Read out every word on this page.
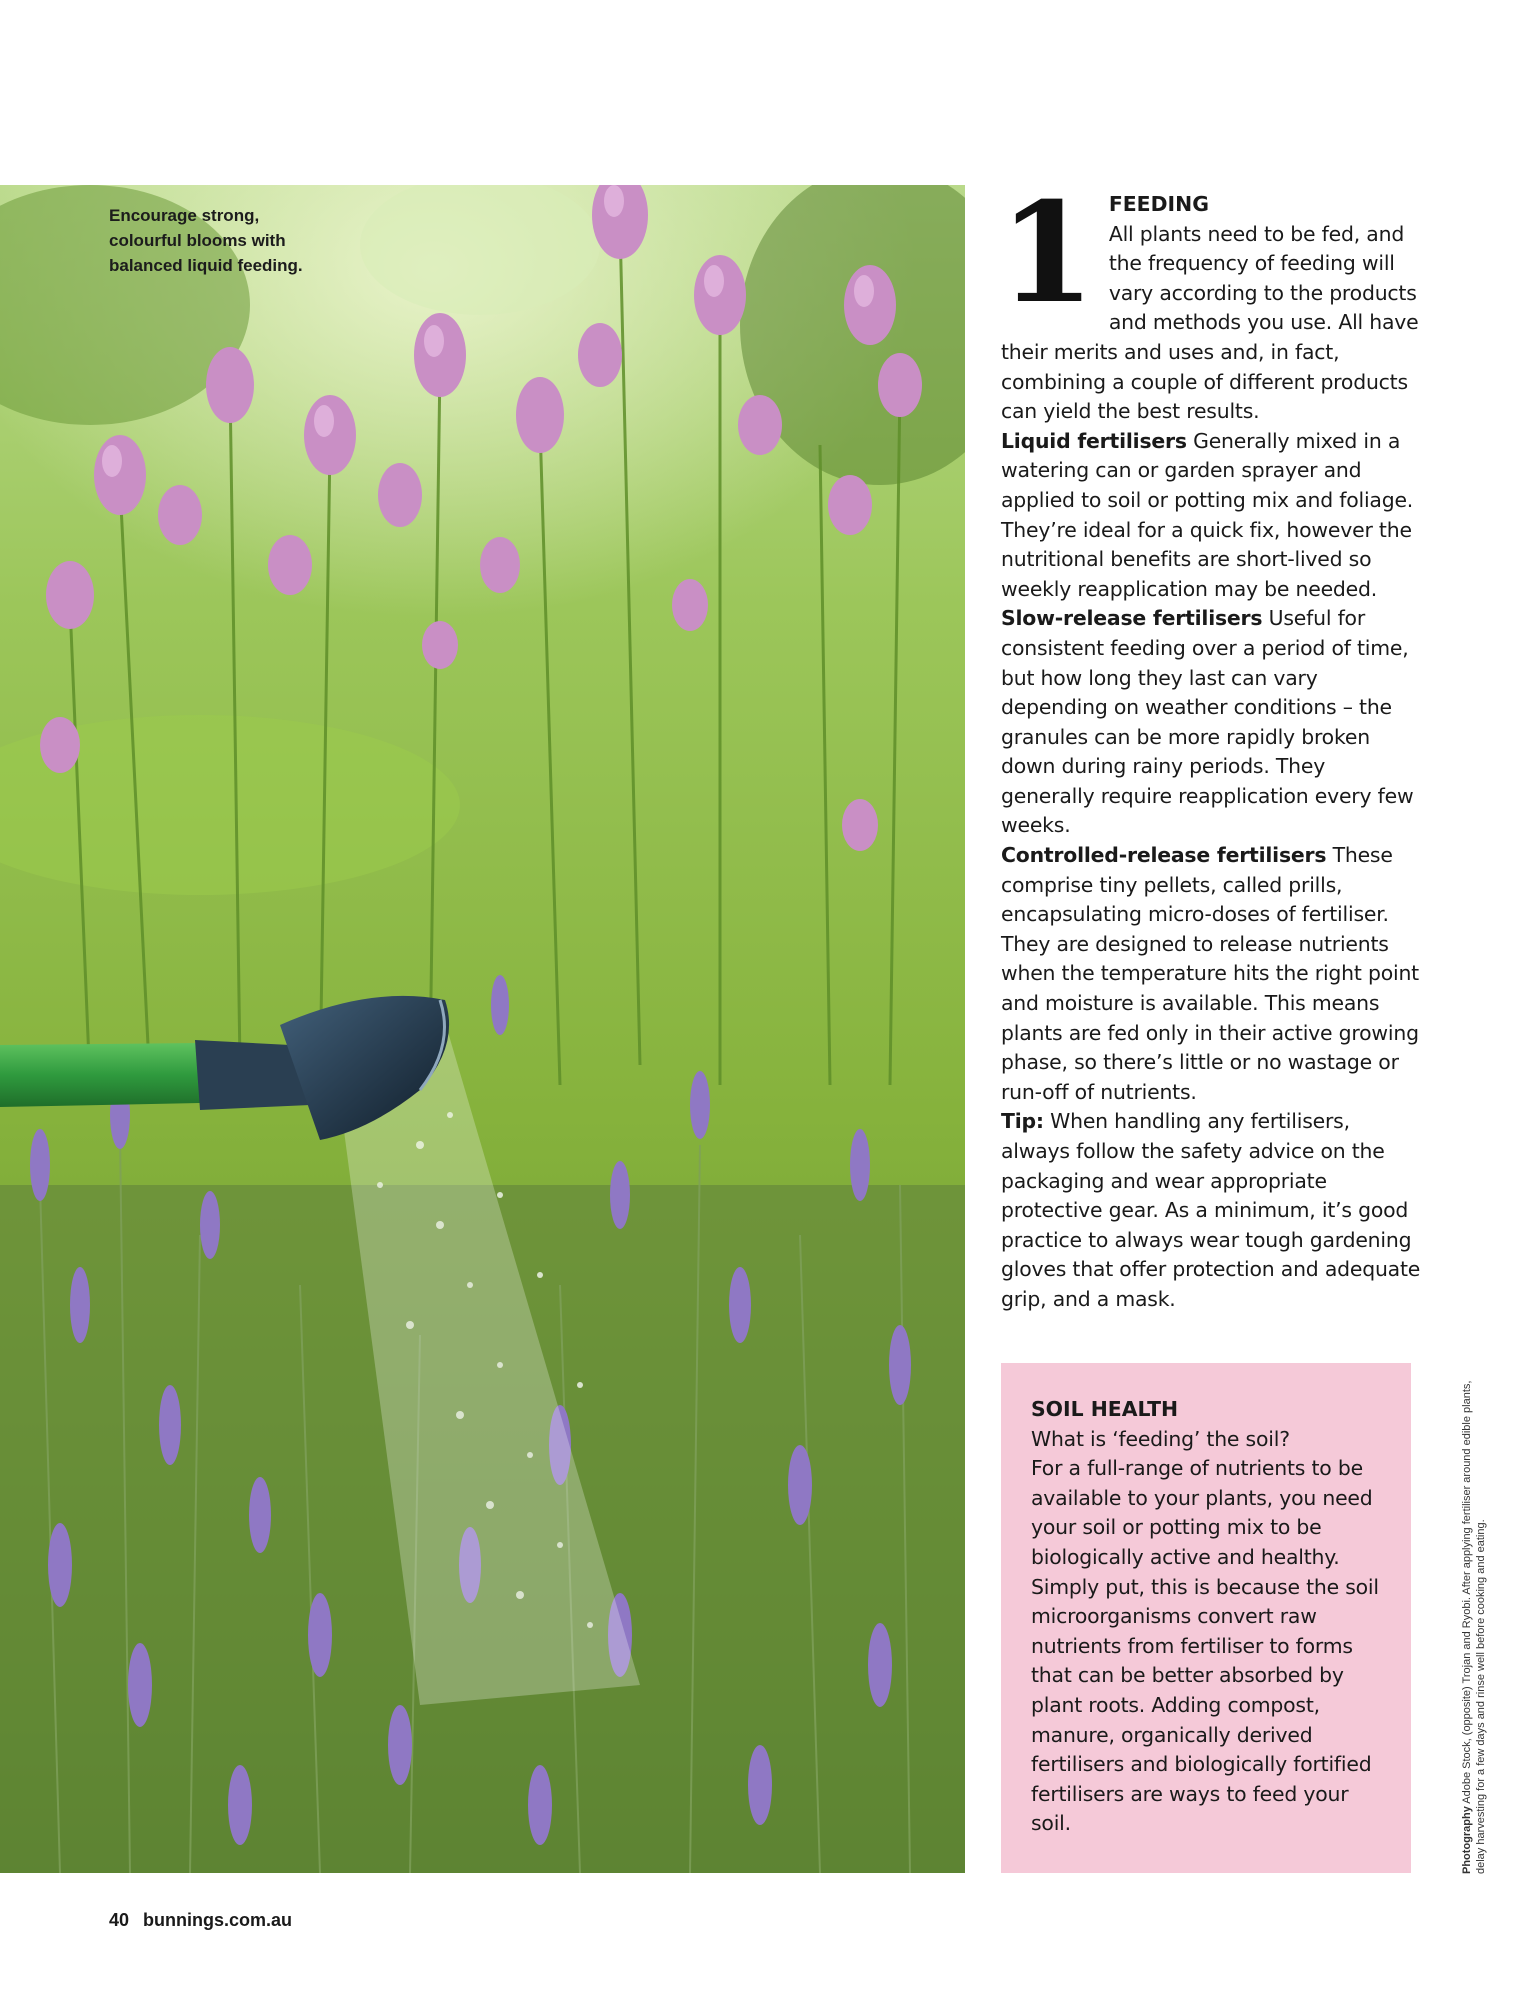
Encourage strong, colourful blooms with balanced liquid feeding.	1 FEEDING
All plants need to be fed, and the frequency of feeding will vary according to the products and methods you use. All have their merits and uses and, in fact, combining a couple of different products can yield the best results.

Liquid fertilisers Generally mixed in a watering can or garden sprayer and applied to soil or potting mix and foliage. They’re ideal for a quick fix, however the nutritional benefits are short-lived so weekly reapplication may be needed.

Slow-release fertilisers Useful for consistent feeding over a period of time, but how long they last can vary depending on weather conditions – the granules can be more rapidly broken down during rainy periods. They generally require reapplication every few weeks.

Controlled-release fertilisers These comprise tiny pellets, called prills, encapsulating micro-doses of fertiliser. They are designed to release nutrients when the temperature hits the right point and moisture is available. This means plants are fed only in their active growing phase, so there’s little or no wastage or run-off of nutrients.

Tip: When handling any fertilisers, always follow the safety advice on the packaging and wear appropriate protective gear. As a minimum, it’s good practice to always wear tough gardening gloves that offer protection and adequate grip, and a mask.

SOIL HEALTH

What is ‘feeding’ the soil?

For a full-range of nutrients to be available to your plants, you need your soil or potting mix to be biologically active and healthy. Simply put, this is because the soil microorganisms convert raw nutrients from fertiliser to forms that can be better absorbed by plant roots. Adding compost, manure, organically derived fertilisers and biologically fortified fertilisers are ways to feed your soil.	Photography Adobe Stock, (opposite) Trojan and Ryobi. After applying fertiliser around edible plants, delay harvesting for a few days and rinse well before cooking and eating.
40 bunnings.com.au
